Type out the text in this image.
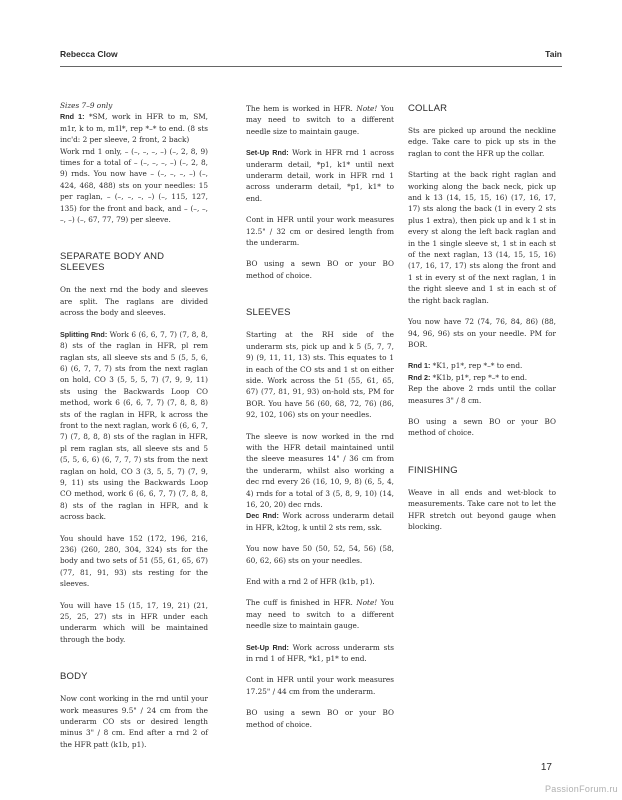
Rebecca Clow	Tain

Sizes 7–9 only

Rnd 1: *SM, work in HFR to m, SM, m1r, k to m, m1l*, rep *–* to end. (8 sts inc'd: 2 per sleeve, 2 front, 2 back)

Work rnd 1 only, – (–, –, –, –) (–, 2, 8, 9) times for a total of – (–, –, –, –) (–, 2, 8, 9) rnds. You now have – (–, –, –, –) (–, 424, 468, 488) sts on your needles: 15 per raglan, – (–, –, –, –) (–, 115, 127, 135) for the front and back, and – (–, –, –, –) (–, 67, 77, 79) per sleeve.

SEPARATE BODY AND SLEEVES

On the next rnd the body and sleeves are split. The raglans are divided across the body and sleeves.

Splitting Rnd: Work 6 (6, 6, 7, 7) (7, 8, 8, 8) sts of the raglan in HFR, pl rem raglan sts, all sleeve sts and 5 (5, 5, 6, 6) (6, 7, 7, 7) sts from the next raglan on hold, CO 3 (5, 5, 5, 7) (7, 9, 9, 11) sts using the Backwards Loop CO method, work 6 (6, 6, 7, 7) (7, 8, 8, 8) sts of the raglan in HFR, k across the front to the next raglan, work 6 (6, 6, 7, 7) (7, 8, 8, 8) sts of the raglan in HFR, pl rem raglan sts, all sleeve sts and 5 (5, 5, 6, 6) (6, 7, 7, 7) sts from the next raglan on hold, CO 3 (3, 5, 5, 7) (7, 9, 9, 11) sts using the Backwards Loop CO method, work 6 (6, 6, 7, 7) (7, 8, 8, 8) sts of the raglan in HFR, and k across back.

You should have 152 (172, 196, 216, 236) (260, 280, 304, 324) sts for the body and two sets of 51 (55, 61, 65, 67) (77, 81, 91, 93) sts resting for the sleeves.

You will have 15 (15, 17, 19, 21) (21, 25, 25, 27) sts in HFR under each underarm which will be maintained through the body.

BODY

Now cont working in the rnd until your work measures 9.5" / 24 cm from the underarm CO sts or desired length minus 3" / 8 cm. End after a rnd 2 of the HFR patt (k1b, p1).

The hem is worked in HFR. Note! You may need to switch to a different needle size to maintain gauge.

Set-Up Rnd: Work in HFR rnd 1 across underarm detail, *p1, k1* until next underarm detail, work in HFR rnd 1 across underarm detail, *p1, k1* to end.

Cont in HFR until your work measures 12.5" / 32 cm or desired length from the underarm.

BO using a sewn BO or your BO method of choice.

SLEEVES

Starting at the RH side of the underarm sts, pick up and k 5 (5, 7, 7, 9) (9, 11, 11, 13) sts. This equates to 1 in each of the CO sts and 1 st on either side. Work across the 51 (55, 61, 65, 67) (77, 81, 91, 93) on-hold sts, PM for BOR. You have 56 (60, 68, 72, 76) (86, 92, 102, 106) sts on your needles.

The sleeve is now worked in the rnd with the HFR detail maintained until the sleeve measures 14" / 36 cm from the underarm, whilst also working a dec rnd every 26 (16, 10, 9, 8) (6, 5, 4, 4) rnds for a total of 3 (5, 8, 9, 10) (14, 16, 20, 20) dec rnds.

Dec Rnd: Work across underarm detail in HFR, k2tog, k until 2 sts rem, ssk.

You now have 50 (50, 52, 54, 56) (58, 60, 62, 66) sts on your needles.

End with a rnd 2 of HFR (k1b, p1).

The cuff is finished in HFR. Note! You may need to switch to a different needle size to maintain gauge.

Set-Up Rnd: Work across underarm sts in rnd 1 of HFR, *k1, p1* to end.

Cont in HFR until your work measures 17.25" / 44 cm from the underarm.

BO using a sewn BO or your BO method of choice.

COLLAR

Sts are picked up around the neckline edge. Take care to pick up sts in the raglan to cont the HFR up the collar.

Starting at the back right raglan and working along the back neck, pick up and k 13 (14, 15, 15, 16) (17, 16, 17, 17) sts along the back (1 in every 2 sts plus 1 extra), then pick up and k 1 st in every st along the left back raglan and in the 1 single sleeve st, 1 st in each st of the next raglan, 13 (14, 15, 15, 16) (17, 16, 17, 17) sts along the front and 1 st in every st of the next raglan, 1 in the right sleeve and 1 st in each st of the right back raglan.

You now have 72 (74, 76, 84, 86) (88, 94, 96, 96) sts on your needle. PM for BOR.

Rnd 1: *K1, p1*, rep *–* to end.

Rnd 2: *K1b, p1*, rep *–* to end.

Rep the above 2 rnds until the collar measures 3" / 8 cm.

BO using a sewn BO or your BO method of choice.

FINISHING

Weave in all ends and wet-block to measurements. Take care not to let the HFR stretch out beyond gauge when blocking.

17
PassionForum.ru
